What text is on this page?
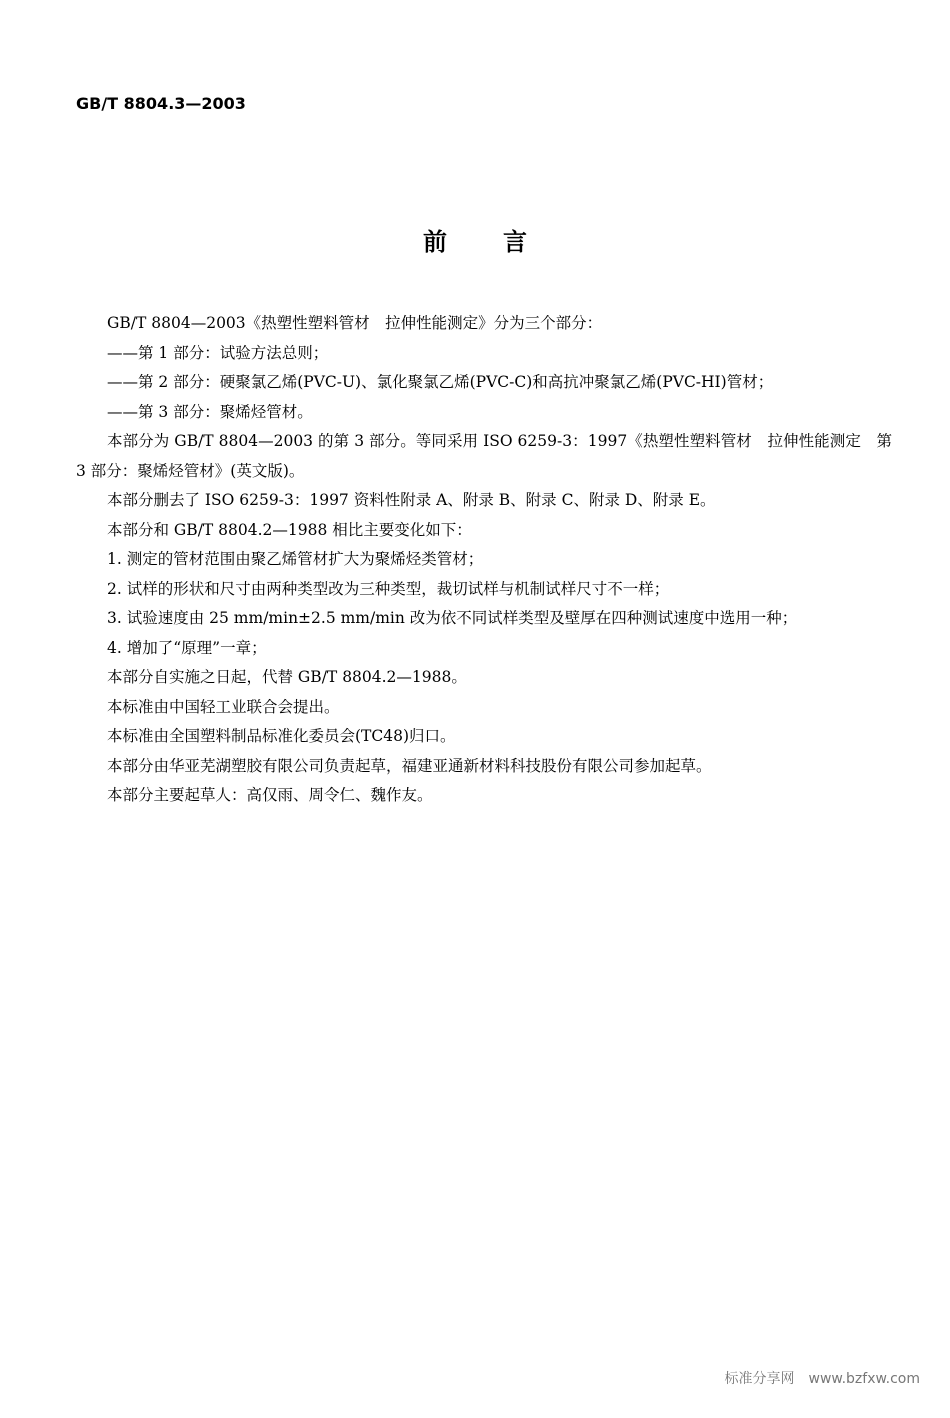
GB/T 8804.3—2003
前言

GB/T 8804—2003《热塑性塑料管材　拉伸性能测定》分为三个部分：

——第 1 部分：试验方法总则；

——第 2 部分：硬聚氯乙烯(PVC-U)、氯化聚氯乙烯(PVC-C)和高抗冲聚氯乙烯(PVC-HI)管材；

——第 3 部分：聚烯烃管材。

本部分为 GB/T 8804—2003 的第 3 部分。等同采用 ISO 6259-3：1997《热塑性塑料管材　拉伸性能测定　第 3 部分：聚烯烃管材》(英文版)。

本部分删去了 ISO 6259-3：1997 资料性附录 A、附录 B、附录 C、附录 D、附录 E。

本部分和 GB/T 8804.2—1988 相比主要变化如下：

1. 测定的管材范围由聚乙烯管材扩大为聚烯烃类管材；

2. 试样的形状和尺寸由两种类型改为三种类型，裁切试样与机制试样尺寸不一样；

3. 试验速度由 25 mm/min±2.5 mm/min 改为依不同试样类型及壁厚在四种测试速度中选用一种；

4. 增加了“原理”一章；

本部分自实施之日起，代替 GB/T 8804.2—1988。

本标准由中国轻工业联合会提出。

本标准由全国塑料制品标准化委员会(TC48)归口。

本部分由华亚芜湖塑胶有限公司负责起草，福建亚通新材料科技股份有限公司参加起草。

本部分主要起草人：高仅雨、周令仁、魏作友。

标准分享网　www.bzfxw.com
